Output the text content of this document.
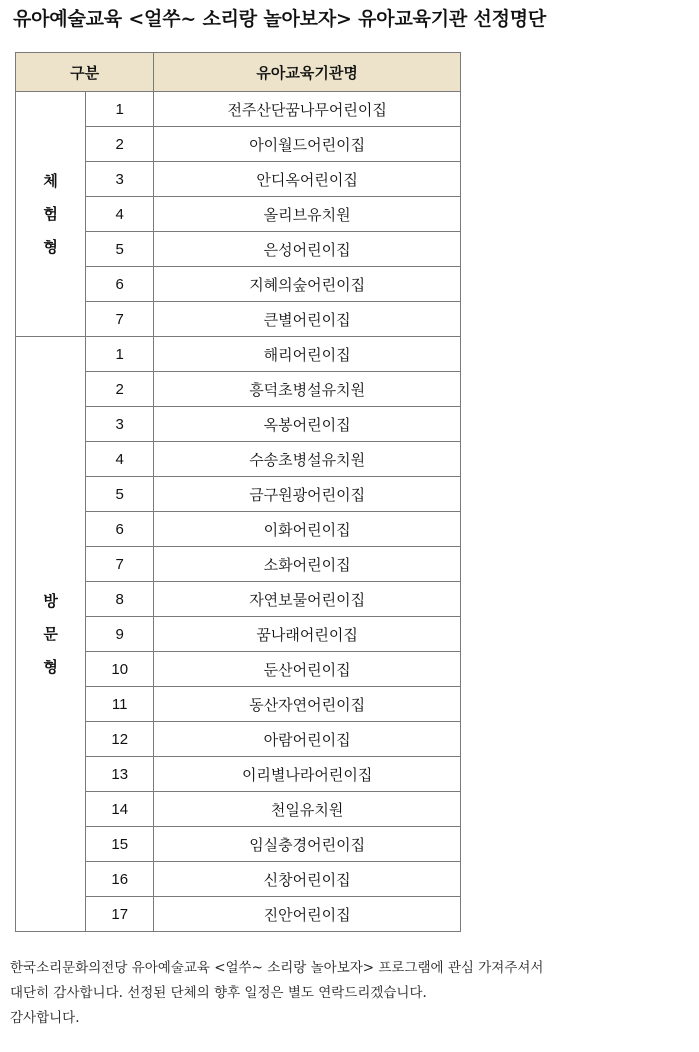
유아예술교육 <얼쑤~ 소리랑 놀아보자> 유아교육기관 선정명단
구분		유아교육기관명

체
험
형	1	전주산단꿈나무어린이집
	2	아이월드어린이집
	3	안디옥어린이집
	4	올리브유치원
	5	은성어린이집
	6	지혜의숲어린이집
	7	큰별어린이집

방
문
형	1	해리어린이집
	2	흥덕초병설유치원
	3	옥봉어린이집
	4	수송초병설유치원
	5	금구원광어린이집
	6	이화어린이집
	7	소화어린이집
	8	자연보물어린이집
	9	꿈나래어린이집
	10	둔산어린이집
	11	동산자연어린이집
	12	아람어린이집
	13	이리별나라어린이집
	14	천일유치원
	15	임실충경어린이집
	16	신창어린이집
	17	진안어린이집

한국소리문화의전당 유아예술교육 <얼쑤~ 소리랑 놀아보자> 프로그램에 관심 가져주셔서

대단히 감사합니다. 선정된 단체의 향후 일정은 별도 연락드리겠습니다.

감사합니다.
